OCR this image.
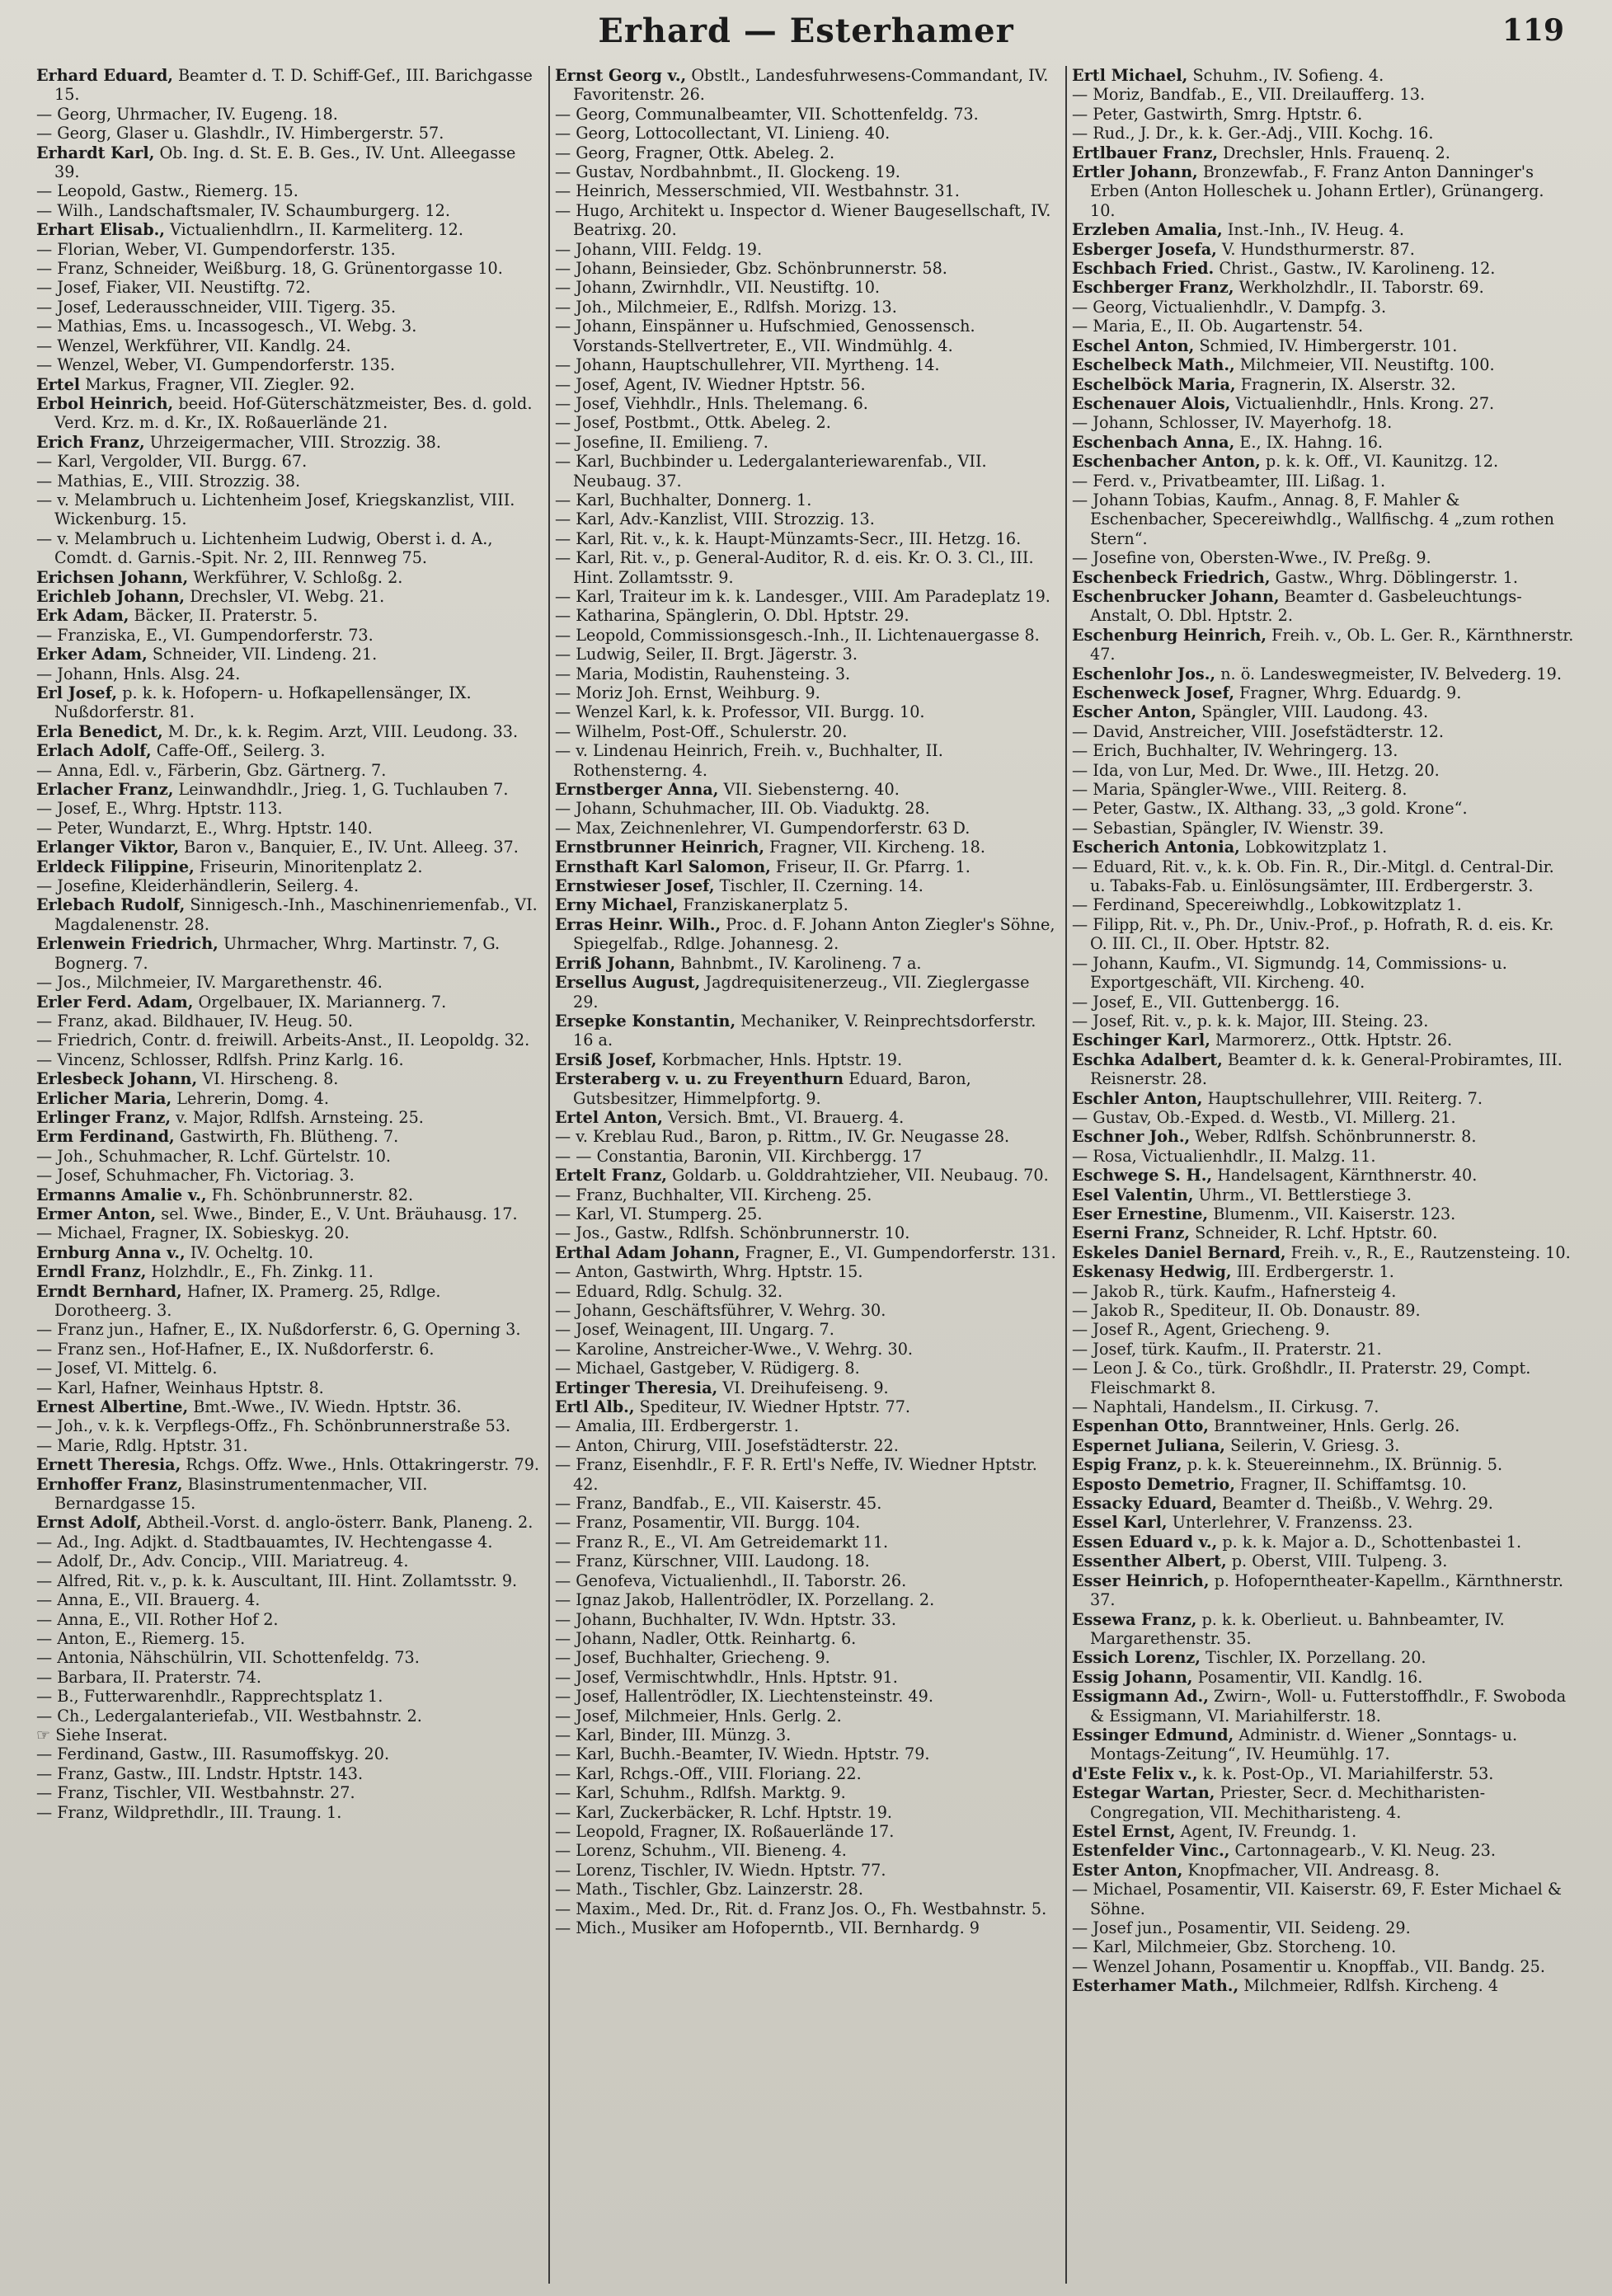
Erhard — Esterhamer	119

Erhard Eduard, Beamter d. T. D. Schiff-Gef., III. Barichgasse 15.

— Georg, Uhrmacher, IV. Eugeng. 18.

— Georg, Glaser u. Glashdlr., IV. Himbergerstr. 57.

Erhardt Karl, Ob. Ing. d. St. E. B. Ges., IV. Unt. Alleegasse 39.

— Leopold, Gastw., Riemerg. 15.

— Wilh., Landschaftsmaler, IV. Schaumburgerg. 12.

Erhart Elisab., Victualienhdlrn., II. Karmeliterg. 12.

— Florian, Weber, VI. Gumpendorferstr. 135.

— Franz, Schneider, Weißburg. 18, G. Grünentorgasse 10.

— Josef, Fiaker, VII. Neustiftg. 72.

— Josef, Lederausschneider, VIII. Tigerg. 35.

— Mathias, Ems. u. Incassogesch., VI. Webg. 3.

— Wenzel, Werkführer, VII. Kandlg. 24.

— Wenzel, Weber, VI. Gumpendorferstr. 135.

Ertel Markus, Fragner, VII. Ziegler. 92.

Erbol Heinrich, beeid. Hof-Güterschätzmeister, Bes. d. gold. Verd. Krz. m. d. Kr., IX. Roßauerlände 21.

Erich Franz, Uhrzeigermacher, VIII. Strozzig. 38.

— Karl, Vergolder, VII. Burgg. 67.

— Mathias, E., VIII. Strozzig. 38.

— v. Melambruch u. Lichtenheim Josef, Kriegskanzlist, VIII. Wickenburg. 15.

— v. Melambruch u. Lichtenheim Ludwig, Oberst i. d. A., Comdt. d. Garnis.-Spit. Nr. 2, III. Rennweg 75.

Erichsen Johann, Werkführer, V. Schloßg. 2.

Erichleb Johann, Drechsler, VI. Webg. 21.

Erk Adam, Bäcker, II. Praterstr. 5.

— Franziska, E., VI. Gumpendorferstr. 73.

Erker Adam, Schneider, VII. Lindeng. 21.

— Johann, Hnls. Alsg. 24.

Erl Josef, p. k. k. Hofopern- u. Hofkapellensänger, IX. Nußdorferstr. 81.

Erla Benedict, M. Dr., k. k. Regim. Arzt, VIII. Leudong. 33.

Erlach Adolf, Caffe-Off., Seilerg. 3.

— Anna, Edl. v., Färberin, Gbz. Gärtnerg. 7.

Erlacher Franz, Leinwandhdlr., Jrieg. 1, G. Tuchlauben 7.

— Josef, E., Whrg. Hptstr. 113.

— Peter, Wundarzt, E., Whrg. Hptstr. 140.

Erlanger Viktor, Baron v., Banquier, E., IV. Unt. Alleeg. 37.

Erldeck Filippine, Friseurin, Minoritenplatz 2.

— Josefine, Kleiderhändlerin, Seilerg. 4.

Erlebach Rudolf, Sinnigesch.-Inh., Maschinenriemenfab., VI. Magdalenenstr. 28.

Erlenwein Friedrich, Uhrmacher, Whrg. Martinstr. 7, G. Bognerg. 7.

— Jos., Milchmeier, IV. Margarethenstr. 46.

Erler Ferd. Adam, Orgelbauer, IX. Mariannerg. 7.

— Franz, akad. Bildhauer, IV. Heug. 50.

— Friedrich, Contr. d. freiwill. Arbeits-Anst., II. Leopoldg. 32.

— Vincenz, Schlosser, Rdlfsh. Prinz Karlg. 16.

Erlesbeck Johann, VI. Hirscheng. 8.

Erlicher Maria, Lehrerin, Domg. 4.

Erlinger Franz, v. Major, Rdlfsh. Arnsteing. 25.

Erm Ferdinand, Gastwirth, Fh. Blütheng. 7.

— Joh., Schuhmacher, R. Lchf. Gürtelstr. 10.

— Josef, Schuhmacher, Fh. Victoriag. 3.

Ermanns Amalie v., Fh. Schönbrunnerstr. 82.

Ermer Anton, sel. Wwe., Binder, E., V. Unt. Bräuhausg. 17.

— Michael, Fragner, IX. Sobieskyg. 20.

Ernburg Anna v., IV. Ocheltg. 10.

Erndl Franz, Holzhdlr., E., Fh. Zinkg. 11.

Erndt Bernhard, Hafner, IX. Pramerg. 25, Rdlge. Dorotheerg. 3.

— Franz jun., Hafner, E., IX. Nußdorferstr. 6, G. Operning 3.

— Franz sen., Hof-Hafner, E., IX. Nußdorferstr. 6.

— Josef, VI. Mittelg. 6.

— Karl, Hafner, Weinhaus Hptstr. 8.

Ernest Albertine, Bmt.-Wwe., IV. Wiedn. Hptstr. 36.

— Joh., v. k. k. Verpflegs-Offz., Fh. Schönbrunnerstraße 53.

— Marie, Rdlg. Hptstr. 31.

Ernett Theresia, Rchgs. Offz. Wwe., Hnls. Ottakringerstr. 79.

Ernhoffer Franz, Blasinstrumentenmacher, VII. Bernardgasse 15.

Ernst Adolf, Abtheil.-Vorst. d. anglo-österr. Bank, Planeng. 2.

— Ad., Ing. Adjkt. d. Stadtbauamtes, IV. Hechtengasse 4.

— Adolf, Dr., Adv. Concip., VIII. Mariatreug. 4.

— Alfred, Rit. v., p. k. k. Auscultant, III. Hint. Zollamtsstr. 9.

— Anna, E., VII. Brauerg. 4.

— Anna, E., VII. Rother Hof 2.

— Anton, E., Riemerg. 15.

— Antonia, Nähschülrin, VII. Schottenfeldg. 73.

— Barbara, II. Praterstr. 74.

— B., Futterwarenhdlr., Rapprechtsplatz 1.

— Ch., Ledergalanteriefab., VII. Westbahnstr. 2.

☞ Siehe Inserat.

— Ferdinand, Gastw., III. Rasumoffskyg. 20.

— Franz, Gastw., III. Lndstr. Hptstr. 143.

— Franz, Tischler, VII. Westbahnstr. 27.

— Franz, Wildprethdlr., III. Traung. 1.

Ernst Georg v., Obstlt., Landesfuhrwesens-Commandant, IV. Favoritenstr. 26.

— Georg, Communalbeamter, VII. Schottenfeldg. 73.

— Georg, Lottocollectant, VI. Linieng. 40.

— Georg, Fragner, Ottk. Abeleg. 2.

— Gustav, Nordbahnbmt., II. Glockeng. 19.

— Heinrich, Messerschmied, VII. Westbahnstr. 31.

— Hugo, Architekt u. Inspector d. Wiener Baugesellschaft, IV. Beatrixg. 20.

— Johann, VIII. Feldg. 19.

— Johann, Beinsieder, Gbz. Schönbrunnerstr. 58.

— Johann, Zwirnhdlr., VII. Neustiftg. 10.

— Joh., Milchmeier, E., Rdlfsh. Morizg. 13.

— Johann, Einspänner u. Hufschmied, Genossensch. Vorstands-Stellvertreter, E., VII. Windmühlg. 4.

— Johann, Hauptschullehrer, VII. Myrtheng. 14.

— Josef, Agent, IV. Wiedner Hptstr. 56.

— Josef, Viehhdlr., Hnls. Thelemang. 6.

— Josef, Postbmt., Ottk. Abeleg. 2.

— Josefine, II. Emilieng. 7.

— Karl, Buchbinder u. Ledergalanteriewarenfab., VII. Neubaug. 37.

— Karl, Buchhalter, Donnerg. 1.

— Karl, Adv.-Kanzlist, VIII. Strozzig. 13.

— Karl, Rit. v., k. k. Haupt-Münzamts-Secr., III. Hetzg. 16.

— Karl, Rit. v., p. General-Auditor, R. d. eis. Kr. O. 3. Cl., III. Hint. Zollamtsstr. 9.

— Karl, Traiteur im k. k. Landesger., VIII. Am Paradeplatz 19.

— Katharina, Spänglerin, O. Dbl. Hptstr. 29.

— Leopold, Commissionsgesch.-Inh., II. Lichtenauergasse 8.

— Ludwig, Seiler, II. Brgt. Jägerstr. 3.

— Maria, Modistin, Rauhensteing. 3.

— Moriz Joh. Ernst, Weihburg. 9.

— Wenzel Karl, k. k. Professor, VII. Burgg. 10.

— Wilhelm, Post-Off., Schulerstr. 20.

— v. Lindenau Heinrich, Freih. v., Buchhalter, II. Rothensterng. 4.

Ernstberger Anna, VII. Siebensterng. 40.

— Johann, Schuhmacher, III. Ob. Viaduktg. 28.

— Max, Zeichnenlehrer, VI. Gumpendorferstr. 63 D.

Ernstbrunner Heinrich, Fragner, VII. Kircheng. 18.

Ernsthaft Karl Salomon, Friseur, II. Gr. Pfarrg. 1.

Ernstwieser Josef, Tischler, II. Czerning. 14.

Erny Michael, Franziskanerplatz 5.

Erras Heinr. Wilh., Proc. d. F. Johann Anton Ziegler's Söhne, Spiegelfab., Rdlge. Johannesg. 2.

Erriß Johann, Bahnbmt., IV. Karolineng. 7 a.

Ersellus August, Jagdrequisitenerzeug., VII. Zieglergasse 29.

Ersepke Konstantin, Mechaniker, V. Reinprechtsdorferstr. 16 a.

Ersiß Josef, Korbmacher, Hnls. Hptstr. 19.

Ersteraberg v. u. zu Freyenthurn Eduard, Baron, Gutsbesitzer, Himmelpfortg. 9.

Ertel Anton, Versich. Bmt., VI. Brauerg. 4.

— v. Kreblau Rud., Baron, p. Rittm., IV. Gr. Neugasse 28.

— — Constantia, Baronin, VII. Kirchbergg. 17

Ertelt Franz, Goldarb. u. Golddrahtzieher, VII. Neubaug. 70.

— Franz, Buchhalter, VII. Kircheng. 25.

— Karl, VI. Stumperg. 25.

— Jos., Gastw., Rdlfsh. Schönbrunnerstr. 10.

Erthal Adam Johann, Fragner, E., VI. Gumpendorferstr. 131.

— Anton, Gastwirth, Whrg. Hptstr. 15.

— Eduard, Rdlg. Schulg. 32.

— Johann, Geschäftsführer, V. Wehrg. 30.

— Josef, Weinagent, III. Ungarg. 7.

— Karoline, Anstreicher-Wwe., V. Wehrg. 30.

— Michael, Gastgeber, V. Rüdigerg. 8.

Ertinger Theresia, VI. Dreihufeiseng. 9.

Ertl Alb., Spediteur, IV. Wiedner Hptstr. 77.

— Amalia, III. Erdbergerstr. 1.

— Anton, Chirurg, VIII. Josefstädterstr. 22.

— Franz, Eisenhdlr., F. F. R. Ertl's Neffe, IV. Wiedner Hptstr. 42.

— Franz, Bandfab., E., VII. Kaiserstr. 45.

— Franz, Posamentir, VII. Burgg. 104.

— Franz R., E., VI. Am Getreidemarkt 11.

— Franz, Kürschner, VIII. Laudong. 18.

— Genofeva, Victualienhdl., II. Taborstr. 26.

— Ignaz Jakob, Hallentrödler, IX. Porzellang. 2.

— Johann, Buchhalter, IV. Wdn. Hptstr. 33.

— Johann, Nadler, Ottk. Reinhartg. 6.

— Josef, Buchhalter, Griecheng. 9.

— Josef, Vermischtwhdlr., Hnls. Hptstr. 91.

— Josef, Hallentrödler, IX. Liechtensteinstr. 49.

— Josef, Milchmeier, Hnls. Gerlg. 2.

— Karl, Binder, III. Münzg. 3.

— Karl, Buchh.-Beamter, IV. Wiedn. Hptstr. 79.

— Karl, Rchgs.-Off., VIII. Floriang. 22.

— Karl, Schuhm., Rdlfsh. Marktg. 9.

— Karl, Zuckerbäcker, R. Lchf. Hptstr. 19.

— Leopold, Fragner, IX. Roßauerlände 17.

— Lorenz, Schuhm., VII. Bieneng. 4.

— Lorenz, Tischler, IV. Wiedn. Hptstr. 77.

— Math., Tischler, Gbz. Lainzerstr. 28.

— Maxim., Med. Dr., Rit. d. Franz Jos. O., Fh. Westbahnstr. 5.

— Mich., Musiker am Hofoperntb., VII. Bernhardg. 9

Ertl Michael, Schuhm., IV. Sofieng. 4.

— Moriz, Bandfab., E., VII. Dreilaufferg. 13.

— Peter, Gastwirth, Smrg. Hptstr. 6.

— Rud., J. Dr., k. k. Ger.-Adj., VIII. Kochg. 16.

Ertlbauer Franz, Drechsler, Hnls. Frauenq. 2.

Ertler Johann, Bronzewfab., F. Franz Anton Danninger's Erben (Anton Holleschek u. Johann Ertler), Grünangerg. 10.

Erzleben Amalia, Inst.-Inh., IV. Heug. 4.

Esberger Josefa, V. Hundsthurmerstr. 87.

Eschbach Fried. Christ., Gastw., IV. Karolineng. 12.

Eschberger Franz, Werkholzhdlr., II. Taborstr. 69.

— Georg, Victualienhdlr., V. Dampfg. 3.

— Maria, E., II. Ob. Augartenstr. 54.

Eschel Anton, Schmied, IV. Himbergerstr. 101.

Eschelbeck Math., Milchmeier, VII. Neustiftg. 100.

Eschelböck Maria, Fragnerin, IX. Alserstr. 32.

Eschenauer Alois, Victualienhdlr., Hnls. Krong. 27.

— Johann, Schlosser, IV. Mayerhofg. 18.

Eschenbach Anna, E., IX. Hahng. 16.

Eschenbacher Anton, p. k. k. Off., VI. Kaunitzg. 12.

— Ferd. v., Privatbeamter, III. Lißag. 1.

— Johann Tobias, Kaufm., Annag. 8, F. Mahler & Eschenbacher, Specereiwhdlg., Wallfischg. 4 „zum rothen Stern“.

— Josefine von, Obersten-Wwe., IV. Preßg. 9.

Eschenbeck Friedrich, Gastw., Whrg. Döblingerstr. 1.

Eschenbrucker Johann, Beamter d. Gasbeleuchtungs-Anstalt, O. Dbl. Hptstr. 2.

Eschenburg Heinrich, Freih. v., Ob. L. Ger. R., Kärnthnerstr. 47.

Eschenlohr Jos., n. ö. Landeswegmeister, IV. Belvederg. 19.

Eschenweck Josef, Fragner, Whrg. Eduardg. 9.

Escher Anton, Spängler, VIII. Laudong. 43.

— David, Anstreicher, VIII. Josefstädterstr. 12.

— Erich, Buchhalter, IV. Wehringerg. 13.

— Ida, von Lur, Med. Dr. Wwe., III. Hetzg. 20.

— Maria, Spängler-Wwe., VIII. Reiterg. 8.

— Peter, Gastw., IX. Althang. 33, „3 gold. Krone“.

— Sebastian, Spängler, IV. Wienstr. 39.

Escherich Antonia, Lobkowitzplatz 1.

— Eduard, Rit. v., k. k. Ob. Fin. R., Dir.-Mitgl. d. Central-Dir. u. Tabaks-Fab. u. Einlösungsämter, III. Erdbergerstr. 3.

— Ferdinand, Specereiwhdlg., Lobkowitzplatz 1.

— Filipp, Rit. v., Ph. Dr., Univ.-Prof., p. Hofrath, R. d. eis. Kr. O. III. Cl., II. Ober. Hptstr. 82.

— Johann, Kaufm., VI. Sigmundg. 14, Commissions- u. Exportgeschäft, VII. Kircheng. 40.

— Josef, E., VII. Guttenbergg. 16.

— Josef, Rit. v., p. k. k. Major, III. Steing. 23.

Eschinger Karl, Marmorerz., Ottk. Hptstr. 26.

Eschka Adalbert, Beamter d. k. k. General-Probiramtes, III. Reisnerstr. 28.

Eschler Anton, Hauptschullehrer, VIII. Reiterg. 7.

— Gustav, Ob.-Exped. d. Westb., VI. Millerg. 21.

Eschner Joh., Weber, Rdlfsh. Schönbrunnerstr. 8.

— Rosa, Victualienhdlr., II. Malzg. 11.

Eschwege S. H., Handelsagent, Kärnthnerstr. 40.

Esel Valentin, Uhrm., VI. Bettlerstiege 3.

Eser Ernestine, Blumenm., VII. Kaiserstr. 123.

Eserni Franz, Schneider, R. Lchf. Hptstr. 60.

Eskeles Daniel Bernard, Freih. v., R., E., Rautzensteing. 10.

Eskenasy Hedwig, III. Erdbergerstr. 1.

— Jakob R., türk. Kaufm., Hafnersteig 4.

— Jakob R., Spediteur, II. Ob. Donaustr. 89.

— Josef R., Agent, Griecheng. 9.

— Josef, türk. Kaufm., II. Praterstr. 21.

— Leon J. & Co., türk. Großhdlr., II. Praterstr. 29, Compt. Fleischmarkt 8.

— Naphtali, Handelsm., II. Cirkusg. 7.

Espenhan Otto, Branntweiner, Hnls. Gerlg. 26.

Espernet Juliana, Seilerin, V. Griesg. 3.

Espig Franz, p. k. k. Steuereinnehm., IX. Brünnig. 5.

Esposto Demetrio, Fragner, II. Schiffamtsg. 10.

Essacky Eduard, Beamter d. Theißb., V. Wehrg. 29.

Essel Karl, Unterlehrer, V. Franzenss. 23.

Essen Eduard v., p. k. k. Major a. D., Schottenbastei 1.

Essenther Albert, p. Oberst, VIII. Tulpeng. 3.

Esser Heinrich, p. Hofoperntheater-Kapellm., Kärnthnerstr. 37.

Essewa Franz, p. k. k. Oberlieut. u. Bahnbeamter, IV. Margarethenstr. 35.

Essich Lorenz, Tischler, IX. Porzellang. 20.

Essig Johann, Posamentir, VII. Kandlg. 16.

Essigmann Ad., Zwirn-, Woll- u. Futterstoffhdlr., F. Swoboda & Essigmann, VI. Mariahilferstr. 18.

Essinger Edmund, Administr. d. Wiener „Sonntags- u. Montags-Zeitung“, IV. Heumühlg. 17.

d'Este Felix v., k. k. Post-Op., VI. Mariahilferstr. 53.

Estegar Wartan, Priester, Secr. d. Mechitharisten-Congregation, VII. Mechitharisteng. 4.

Estel Ernst, Agent, IV. Freundg. 1.

Estenfelder Vinc., Cartonnagearb., V. Kl. Neug. 23.

Ester Anton, Knopfmacher, VII. Andreasg. 8.

— Michael, Posamentir, VII. Kaiserstr. 69, F. Ester Michael & Söhne.

— Josef jun., Posamentir, VII. Seideng. 29.

— Karl, Milchmeier, Gbz. Storcheng. 10.

— Wenzel Johann, Posamentir u. Knopffab., VII. Bandg. 25.

Esterhamer Math., Milchmeier, Rdlfsh. Kircheng. 4
